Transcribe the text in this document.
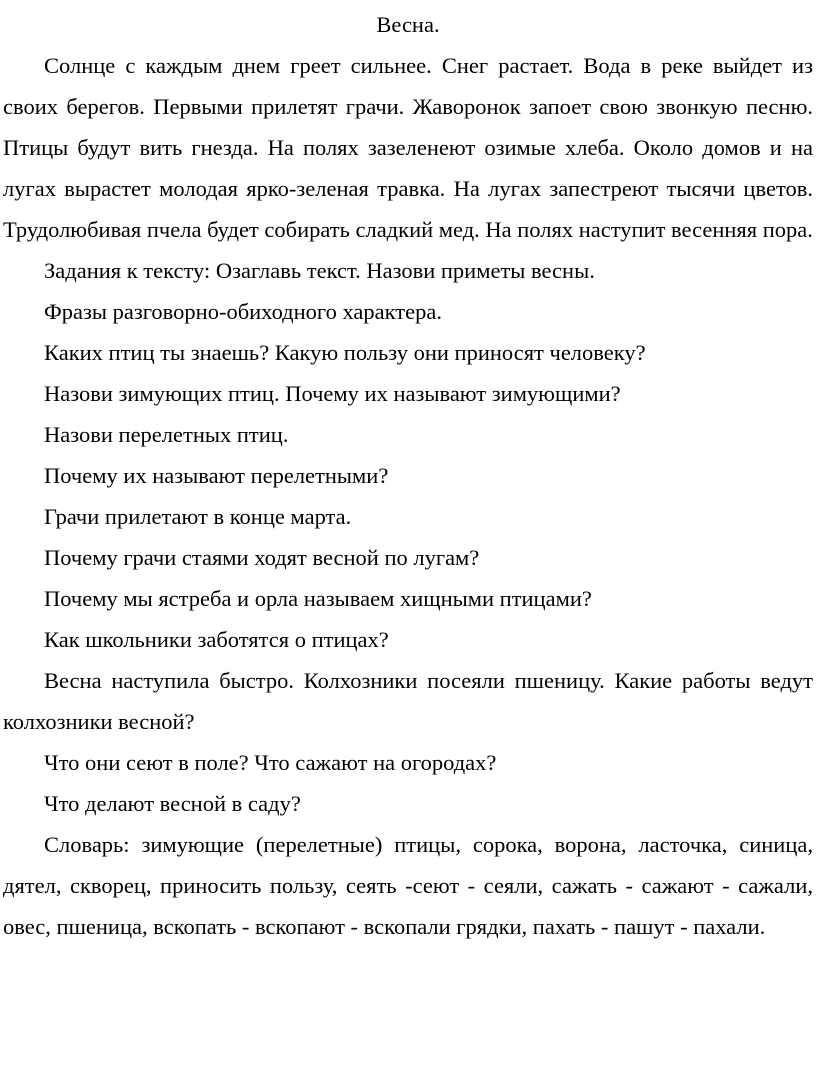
Весна.

Солнце с каждым днем греет сильнее. Снег растает. Вода в реке выйдет из своих берегов. Первыми прилетят грачи. Жаворонок запоет свою звонкую песню. Птицы будут вить гнезда. На полях зазеленеют озимые хлеба. Около домов и на лугах вырастет молодая ярко-зеленая травка. На лугах запестреют тысячи цветов. Трудолюбивая пчела будет собирать сладкий мед. На полях наступит весенняя пора.

Задания к тексту: Озаглавь текст. Назови приметы весны.

Фразы разговорно-обиходного характера.

Каких птиц ты знаешь? Какую пользу они приносят человеку?

Назови зимующих птиц. Почему их называют зимующими?

Назови перелетных птиц.

Почему их называют перелетными?

Грачи прилетают в конце марта.

Почему грачи стаями ходят весной по лугам?

Почему мы ястреба и орла называем хищными птицами?

Как школьники заботятся о птицах?

Весна наступила быстро. Колхозники посеяли пшеницу. Какие работы ведут колхозники весной?

Что они сеют в поле? Что сажают на огородах?

Что делают весной в саду?

Словарь: зимующие (перелетные) птицы, сорока, ворона, ласточка, синица, дятел, скворец, приносить пользу, сеять -сеют - сеяли, сажать - сажают - сажали, овес, пшеница, вскопать - вскопают - вскопали грядки, пахать - пашут - пахали.
